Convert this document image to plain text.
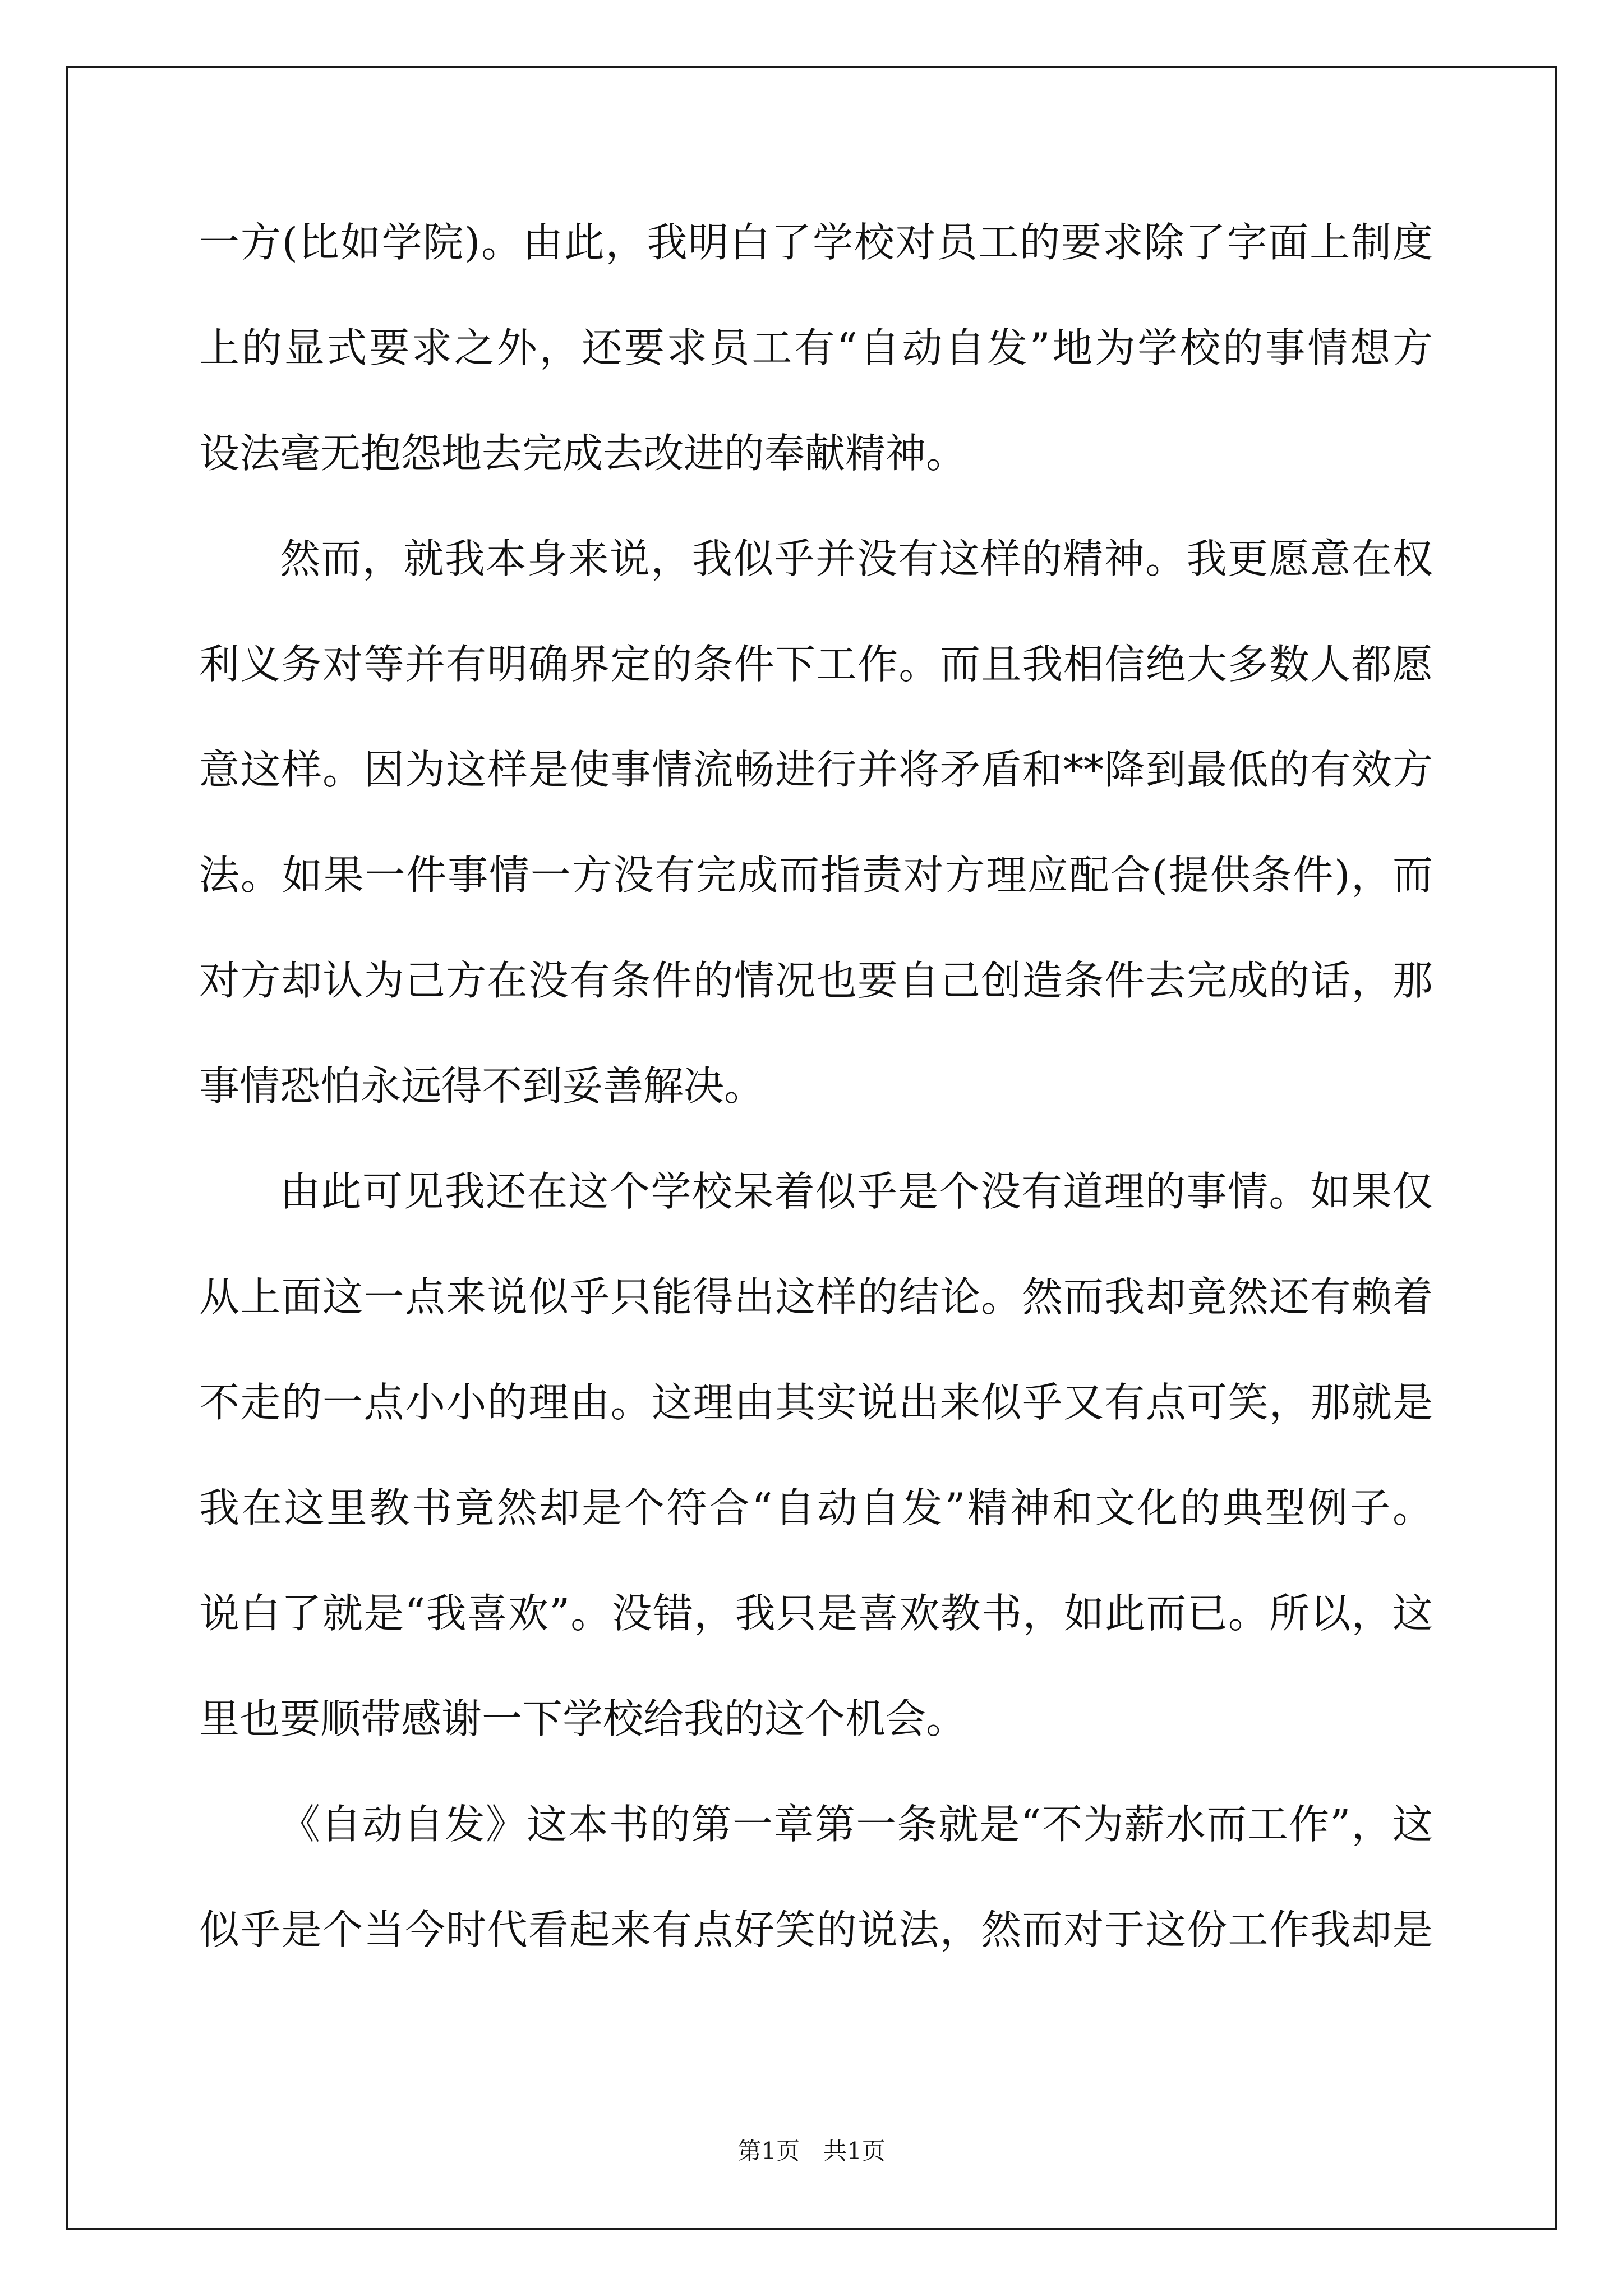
一方(比如学院)。由此，我明白了学校对员工的要求除了字面上制度
上的显式要求之外，还要求员工有“自动自发”地为学校的事情想方
设法毫无抱怨地去完成去改进的奉献精神。
然而，就我本身来说，我似乎并没有这样的精神。我更愿意在权
利义务对等并有明确界定的条件下工作。而且我相信绝大多数人都愿
意这样。因为这样是使事情流畅进行并将矛盾和**降到最低的有效方
法。如果一件事情一方没有完成而指责对方理应配合(提供条件)，而
对方却认为己方在没有条件的情况也要自己创造条件去完成的话，那
事情恐怕永远得不到妥善解决。
由此可见我还在这个学校呆着似乎是个没有道理的事情。如果仅
从上面这一点来说似乎只能得出这样的结论。然而我却竟然还有赖着
不走的一点小小的理由。这理由其实说出来似乎又有点可笑，那就是
我在这里教书竟然却是个符合“自动自发”精神和文化的典型例子。
说白了就是“我喜欢”。没错，我只是喜欢教书，如此而已。所以，这
里也要顺带感谢一下学校给我的这个机会。
《自动自发》这本书的第一章第一条就是“不为薪水而工作”，这
似乎是个当今时代看起来有点好笑的说法，然而对于这份工作我却是
第1页　共1页
